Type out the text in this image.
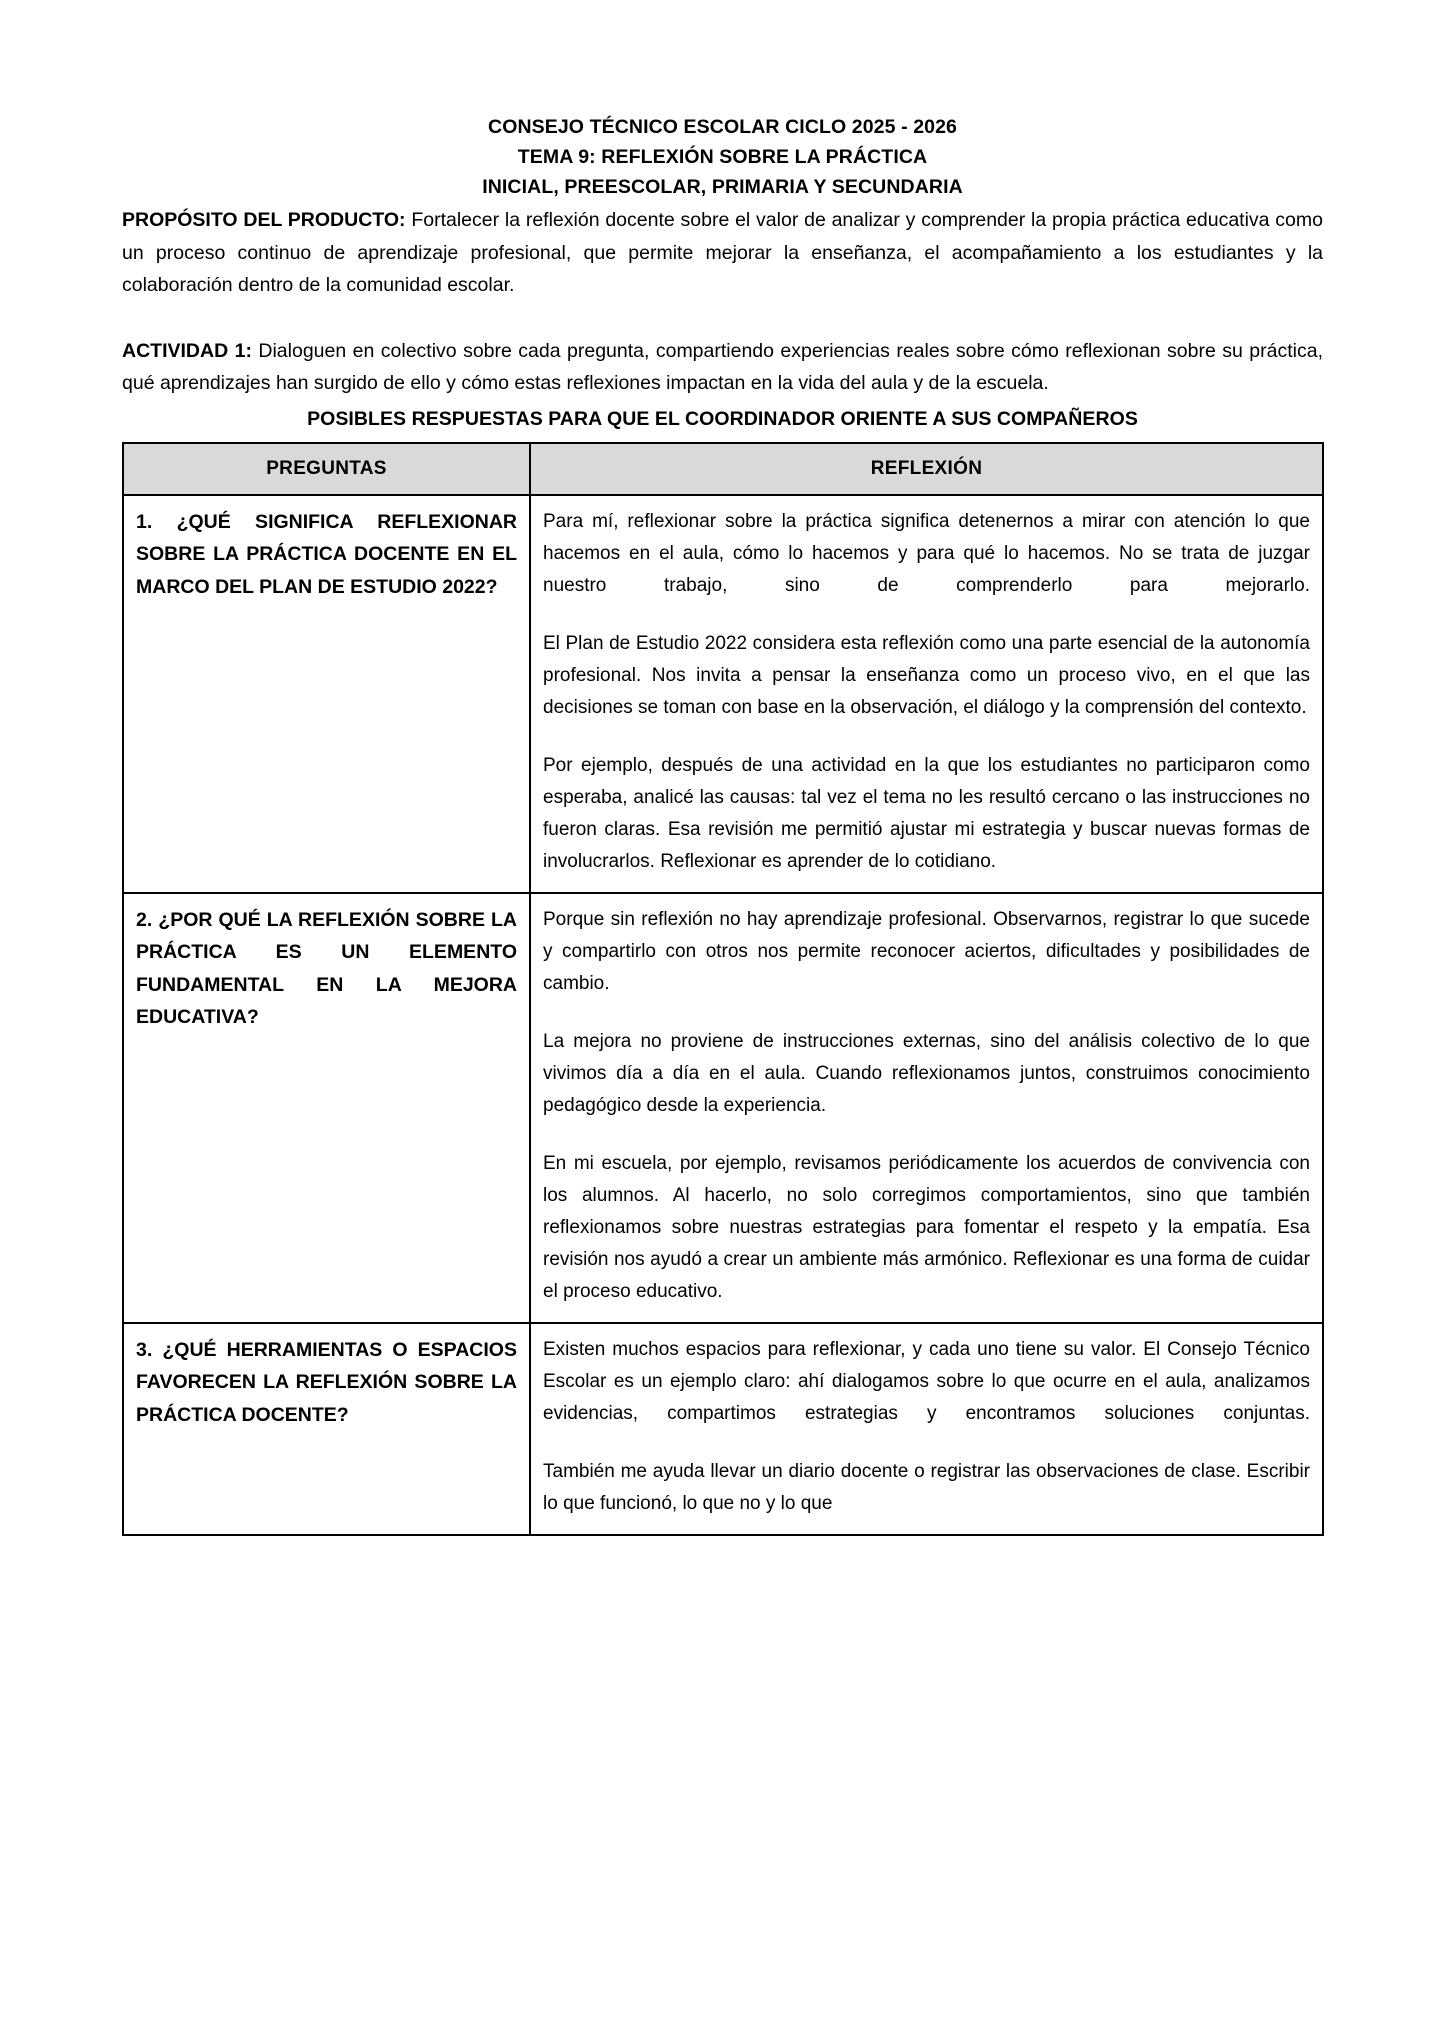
CONSEJO TÉCNICO ESCOLAR CICLO 2025 - 2026
TEMA 9: REFLEXIÓN SOBRE LA PRÁCTICA
INICIAL, PREESCOLAR, PRIMARIA Y SECUNDARIA

PROPÓSITO DEL PRODUCTO: Fortalecer la reflexión docente sobre el valor de analizar y comprender la propia práctica educativa como un proceso continuo de aprendizaje profesional, que permite mejorar la enseñanza, el acompañamiento a los estudiantes y la colaboración dentro de la comunidad escolar.

ACTIVIDAD 1: Dialoguen en colectivo sobre cada pregunta, compartiendo experiencias reales sobre cómo reflexionan sobre su práctica, qué aprendizajes han surgido de ello y cómo estas reflexiones impactan en la vida del aula y de la escuela.

POSIBLES RESPUESTAS PARA QUE EL COORDINADOR ORIENTE A SUS COMPAÑEROS
PREGUNTAS	REFLEXIÓN
1. ¿QUÉ SIGNIFICA REFLEXIONAR SOBRE LA PRÁCTICA DOCENTE EN EL MARCO DEL PLAN DE ESTUDIO 2022?	Para mí, reflexionar sobre la práctica significa detenernos a mirar con atención lo que hacemos en el aula, cómo lo hacemos y para qué lo hacemos. No se trata de juzgar nuestro trabajo, sino de comprenderlo para mejorarlo.

El Plan de Estudio 2022 considera esta reflexión como una parte esencial de la autonomía profesional. Nos invita a pensar la enseñanza como un proceso vivo, en el que las decisiones se toman con base en la observación, el diálogo y la comprensión del contexto.

Por ejemplo, después de una actividad en la que los estudiantes no participaron como esperaba, analicé las causas: tal vez el tema no les resultó cercano o las instrucciones no fueron claras. Esa revisión me permitió ajustar mi estrategia y buscar nuevas formas de involucrarlos. Reflexionar es aprender de lo cotidiano.

2. ¿POR QUÉ LA REFLEXIÓN SOBRE LA PRÁCTICA ES UN ELEMENTO FUNDAMENTAL EN LA MEJORA EDUCATIVA?	Porque sin reflexión no hay aprendizaje profesional. Observarnos, registrar lo que sucede y compartirlo con otros nos permite reconocer aciertos, dificultades y posibilidades de cambio.

La mejora no proviene de instrucciones externas, sino del análisis colectivo de lo que vivimos día a día en el aula. Cuando reflexionamos juntos, construimos conocimiento pedagógico desde la experiencia.

En mi escuela, por ejemplo, revisamos periódicamente los acuerdos de convivencia con los alumnos. Al hacerlo, no solo corregimos comportamientos, sino que también reflexionamos sobre nuestras estrategias para fomentar el respeto y la empatía. Esa revisión nos ayudó a crear un ambiente más armónico. Reflexionar es una forma de cuidar el proceso educativo.

3. ¿QUÉ HERRAMIENTAS O ESPACIOS FAVORECEN LA REFLEXIÓN SOBRE LA PRÁCTICA DOCENTE?	Existen muchos espacios para reflexionar, y cada uno tiene su valor. El Consejo Técnico Escolar es un ejemplo claro: ahí dialogamos sobre lo que ocurre en el aula, analizamos evidencias, compartimos estrategias y encontramos soluciones conjuntas.

También me ayuda llevar un diario docente o registrar las observaciones de clase. Escribir lo que funcionó, lo que no y lo que
